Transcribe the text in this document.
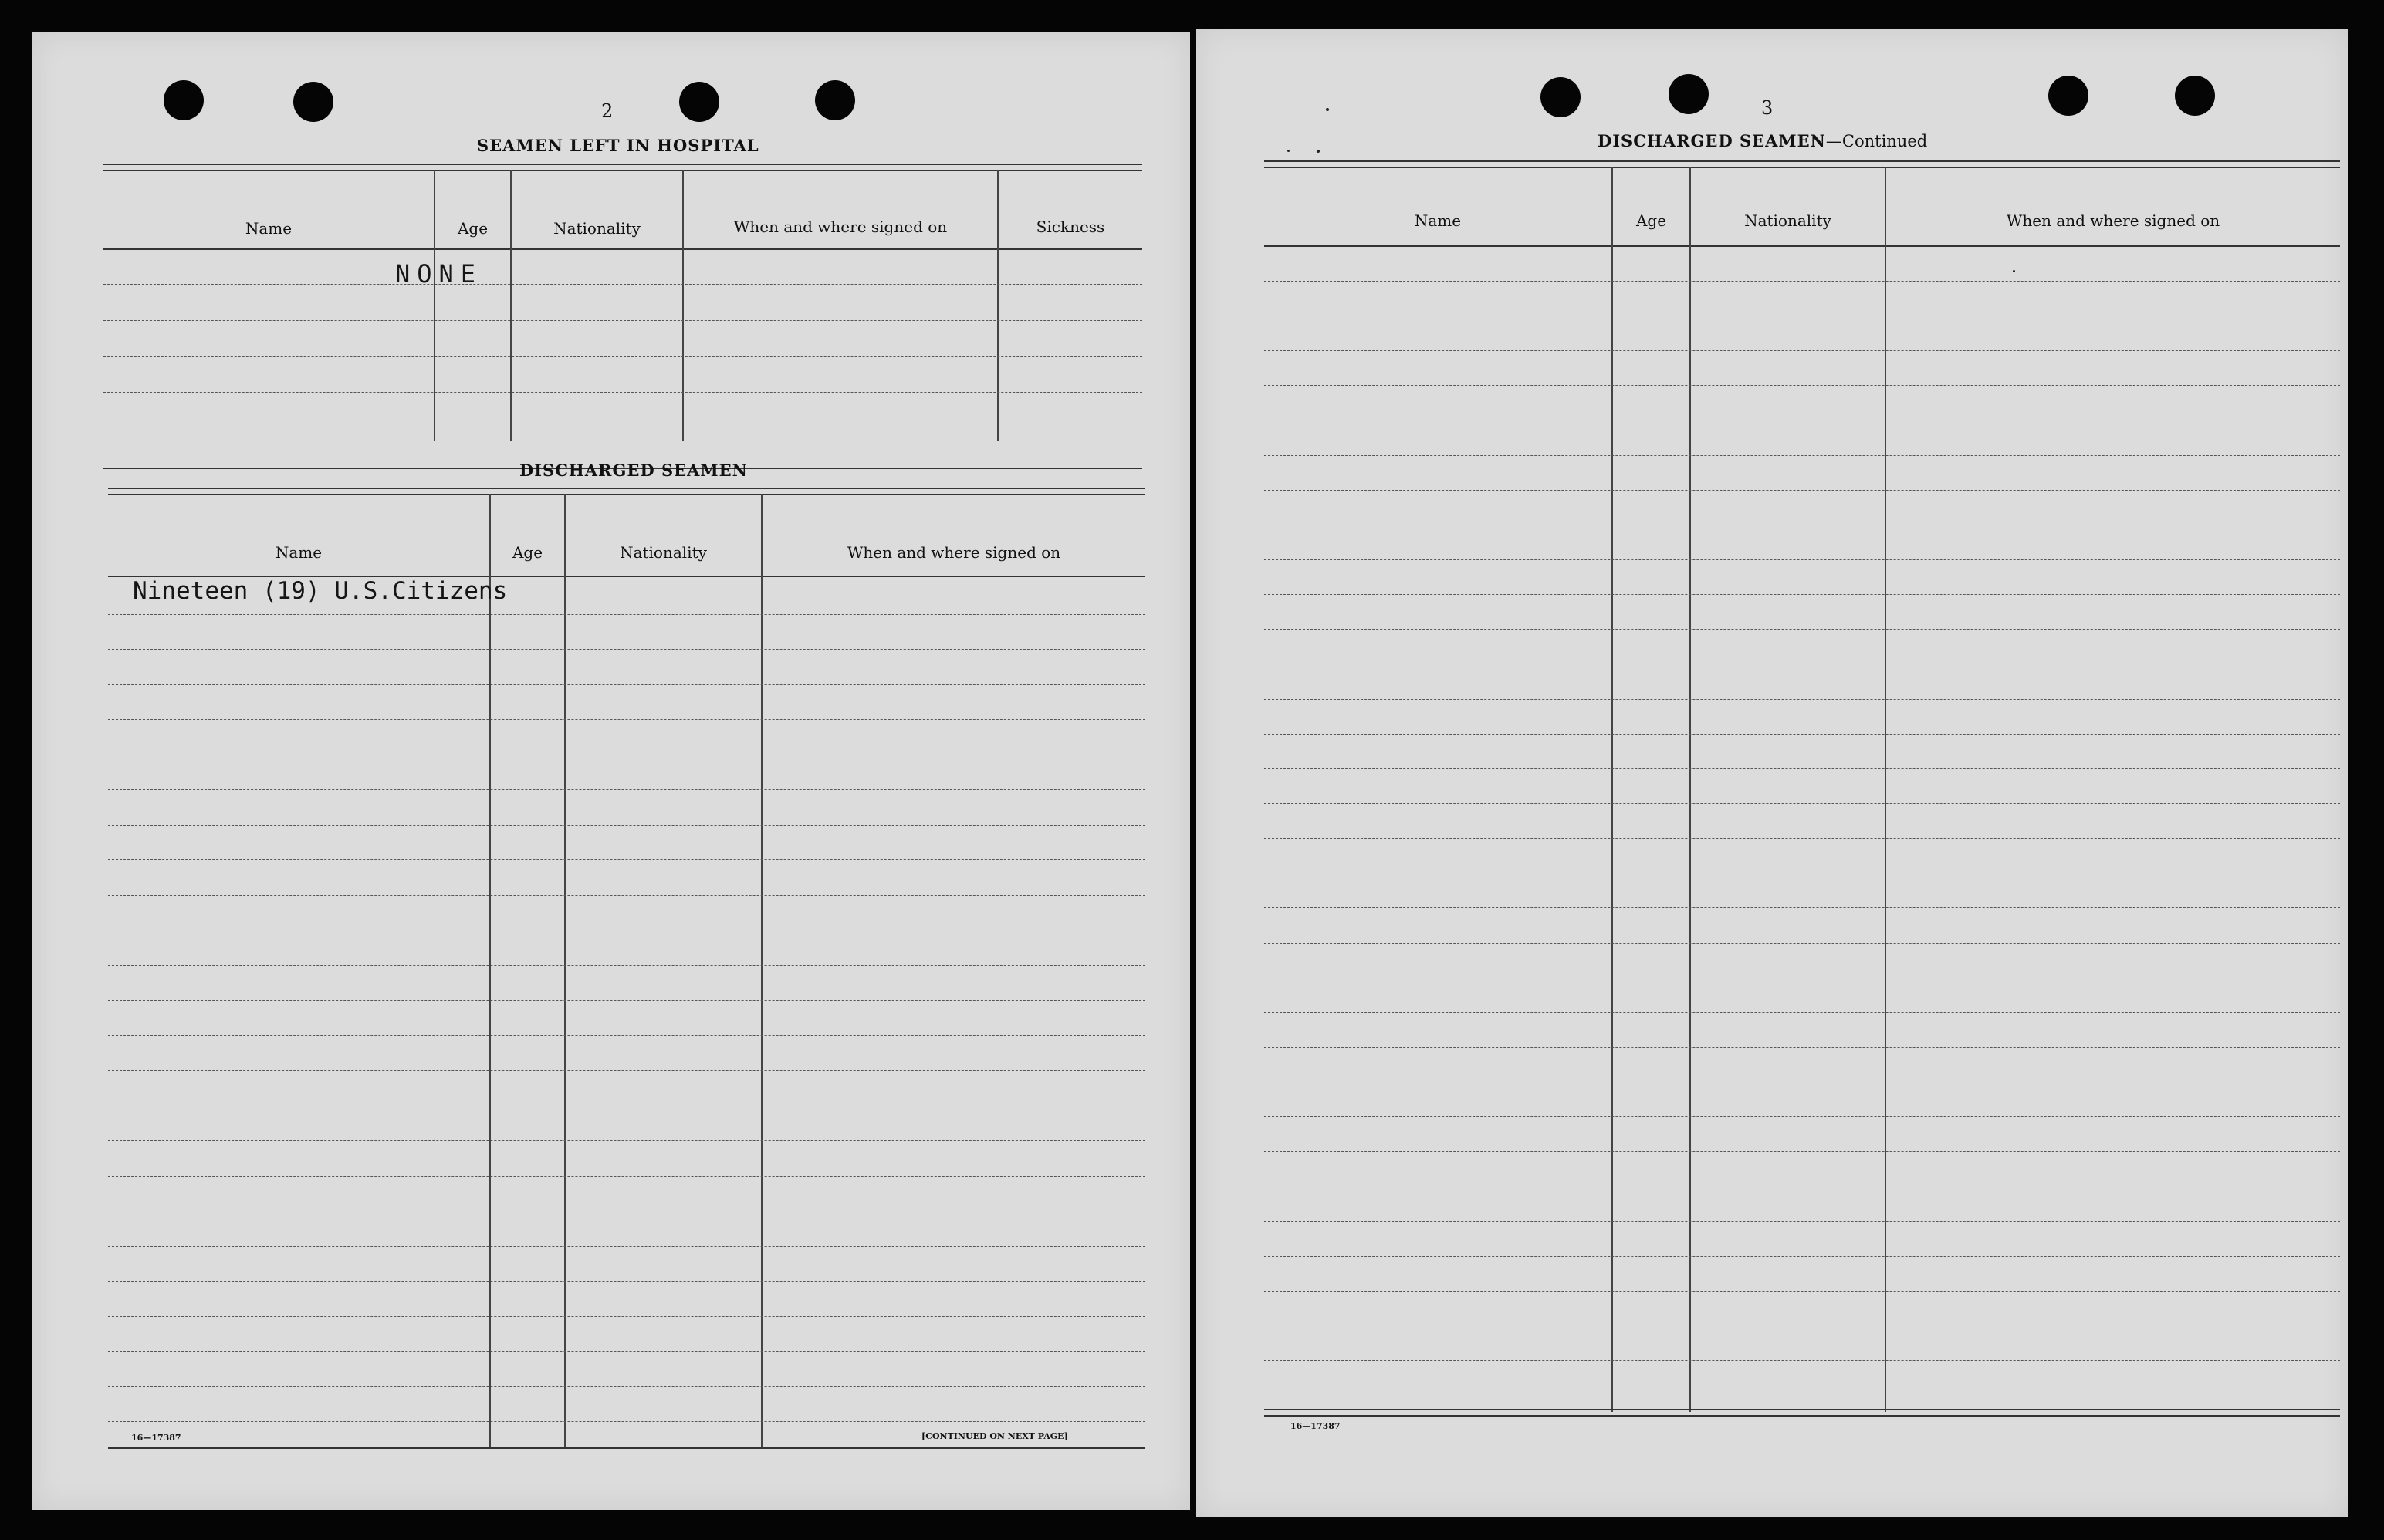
2
SEAMEN LEFT IN HOSPITAL
Name	Age	Nationality	When and where signed on	Sickness
NONE
DISCHARGED SEAMEN
Name	Age	Nationality	When and where signed on
Nineteen (19) U.S.Citizens
16—17387	[CONTINUED ON NEXT PAGE]
3
DISCHARGED SEAMEN—Continued
Name	Age	Nationality	When and where signed on
16—17387
